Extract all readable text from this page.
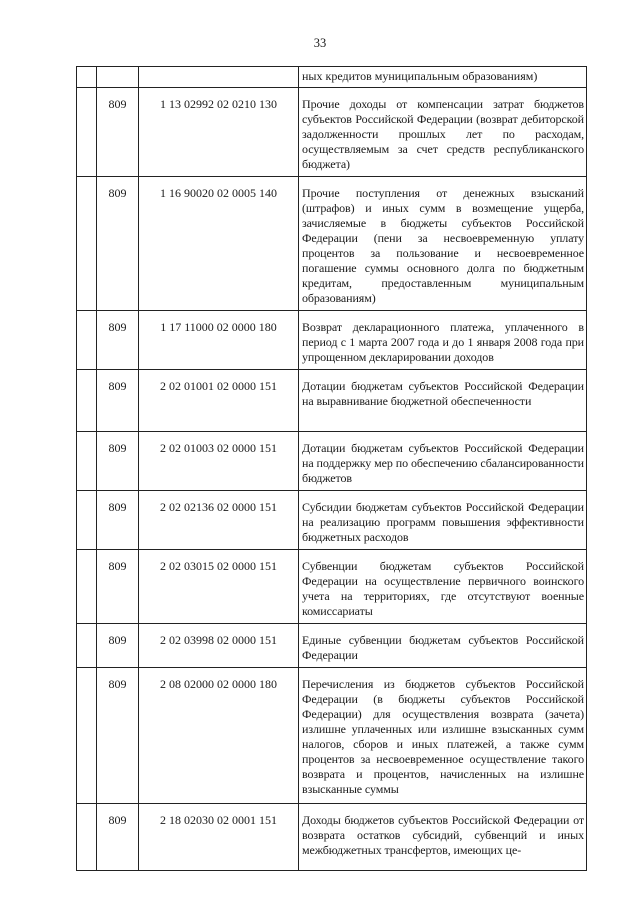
33
			ных кредитов муниципальным образованиям)
	809	1 13 02992 02 0210 130	Прочие доходы от компенсации затрат бюджетов субъектов Российской Федерации (возврат дебиторской задолженности прошлых лет по расходам, осуществляемым за счет средств республиканского бюджета)
	809	1 16 90020 02 0005 140	Прочие поступления от денежных взысканий (штрафов) и иных сумм в возмещение ущерба, зачисляемые в бюджеты субъектов Российской Федерации (пени за несвоевременную уплату процентов за пользование и несвоевременное погашение суммы основного долга по бюджетным кредитам, предоставленным муниципальным образованиям)
	809	1 17 11000 02 0000 180	Возврат декларационного платежа, уплаченного в период с 1 марта 2007 года и до 1 января 2008 года при упрощенном декларировании доходов
	809	2 02 01001 02 0000 151	Дотации бюджетам субъектов Российской Федерации на выравнивание бюджетной обеспеченности
	809	2 02 01003 02 0000 151	Дотации бюджетам субъектов Российской Федерации на поддержку мер по обеспечению сбалансированности бюджетов
	809	2 02 02136 02 0000 151	Субсидии бюджетам субъектов Российской Федерации на реализацию программ повышения эффективности бюджетных расходов
	809	2 02 03015 02 0000 151	Субвенции бюджетам субъектов Российской Федерации на осуществление первичного воинского учета на территориях, где отсутствуют военные комиссариаты
	809	2 02 03998 02 0000 151	Единые субвенции бюджетам субъектов Российской Федерации
	809	2 08 02000 02 0000 180	Перечисления из бюджетов субъектов Российской Федерации (в бюджеты субъектов Российской Федерации) для осуществления возврата (зачета) излишне уплаченных или излишне взысканных сумм налогов, сборов и иных платежей, а также сумм процентов за несвоевременное осуществление такого возврата и процентов, начисленных на излишне взысканные суммы
	809	2 18 02030 02 0001 151	Доходы бюджетов субъектов Российской Федерации от возврата остатков субсидий, субвенций и иных межбюджетных трансфертов, имеющих це-
